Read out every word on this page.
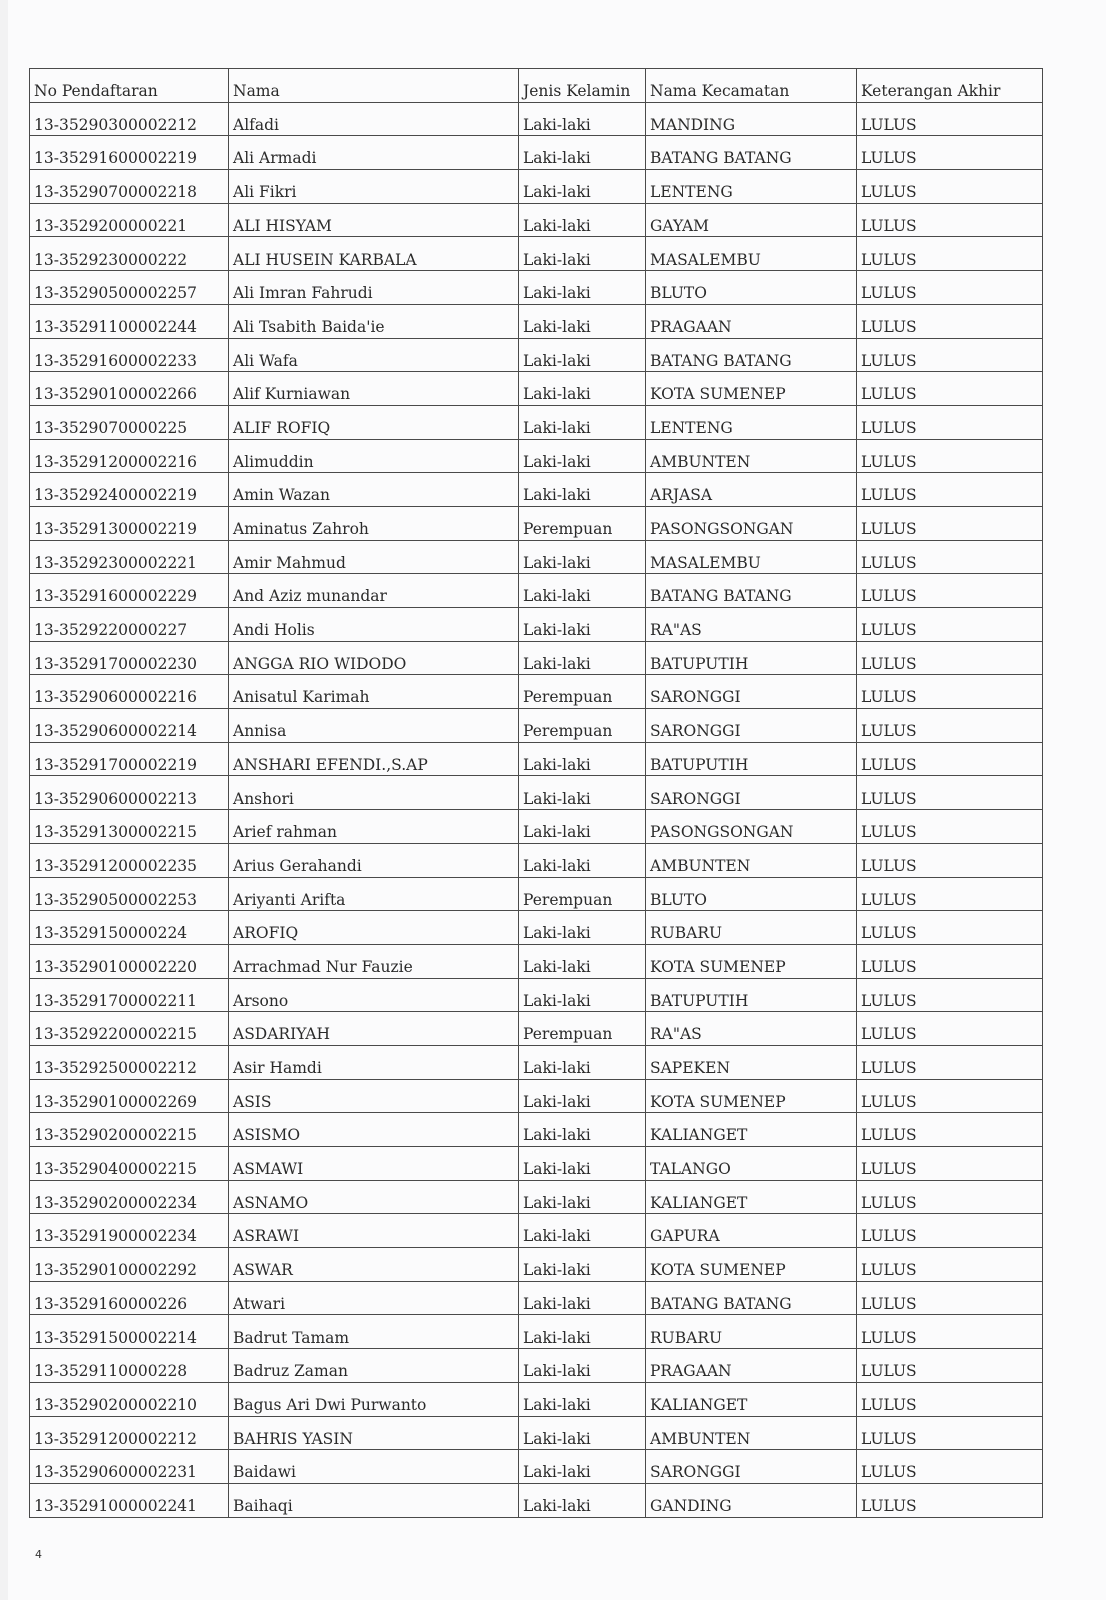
No Pendaftaran	Nama	Jenis Kelamin	Nama Kecamatan	Keterangan Akhir
13-35290300002212	Alfadi	Laki-laki	MANDING	LULUS
13-35291600002219	Ali Armadi	Laki-laki	BATANG BATANG	LULUS
13-35290700002218	Ali Fikri	Laki-laki	LENTENG	LULUS
13-3529200000221	ALI HISYAM	Laki-laki	GAYAM	LULUS
13-3529230000222	ALI HUSEIN KARBALA	Laki-laki	MASALEMBU	LULUS
13-35290500002257	Ali Imran Fahrudi	Laki-laki	BLUTO	LULUS
13-35291100002244	Ali Tsabith Baida'ie	Laki-laki	PRAGAAN	LULUS
13-35291600002233	Ali Wafa	Laki-laki	BATANG BATANG	LULUS
13-35290100002266	Alif Kurniawan	Laki-laki	KOTA SUMENEP	LULUS
13-3529070000225	ALIF ROFIQ	Laki-laki	LENTENG	LULUS
13-35291200002216	Alimuddin	Laki-laki	AMBUNTEN	LULUS
13-35292400002219	Amin Wazan	Laki-laki	ARJASA	LULUS
13-35291300002219	Aminatus Zahroh	Perempuan	PASONGSONGAN	LULUS
13-35292300002221	Amir Mahmud	Laki-laki	MASALEMBU	LULUS
13-35291600002229	And Aziz munandar	Laki-laki	BATANG BATANG	LULUS
13-3529220000227	Andi Holis	Laki-laki	RA"AS	LULUS
13-35291700002230	ANGGA RIO WIDODO	Laki-laki	BATUPUTIH	LULUS
13-35290600002216	Anisatul Karimah	Perempuan	SARONGGI	LULUS
13-35290600002214	Annisa	Perempuan	SARONGGI	LULUS
13-35291700002219	ANSHARI EFENDI.,S.AP	Laki-laki	BATUPUTIH	LULUS
13-35290600002213	Anshori	Laki-laki	SARONGGI	LULUS
13-35291300002215	Arief rahman	Laki-laki	PASONGSONGAN	LULUS
13-35291200002235	Arius Gerahandi	Laki-laki	AMBUNTEN	LULUS
13-35290500002253	Ariyanti Arifta	Perempuan	BLUTO	LULUS
13-3529150000224	AROFIQ	Laki-laki	RUBARU	LULUS
13-35290100002220	Arrachmad Nur Fauzie	Laki-laki	KOTA SUMENEP	LULUS
13-35291700002211	Arsono	Laki-laki	BATUPUTIH	LULUS
13-35292200002215	ASDARIYAH	Perempuan	RA"AS	LULUS
13-35292500002212	Asir Hamdi	Laki-laki	SAPEKEN	LULUS
13-35290100002269	ASIS	Laki-laki	KOTA SUMENEP	LULUS
13-35290200002215	ASISMO	Laki-laki	KALIANGET	LULUS
13-35290400002215	ASMAWI	Laki-laki	TALANGO	LULUS
13-35290200002234	ASNAMO	Laki-laki	KALIANGET	LULUS
13-35291900002234	ASRAWI	Laki-laki	GAPURA	LULUS
13-35290100002292	ASWAR	Laki-laki	KOTA SUMENEP	LULUS
13-3529160000226	Atwari	Laki-laki	BATANG BATANG	LULUS
13-35291500002214	Badrut Tamam	Laki-laki	RUBARU	LULUS
13-3529110000228	Badruz Zaman	Laki-laki	PRAGAAN	LULUS
13-35290200002210	Bagus Ari Dwi Purwanto	Laki-laki	KALIANGET	LULUS
13-35291200002212	BAHRIS YASIN	Laki-laki	AMBUNTEN	LULUS
13-35290600002231	Baidawi	Laki-laki	SARONGGI	LULUS
13-35291000002241	Baihaqi	Laki-laki	GANDING	LULUS
4
